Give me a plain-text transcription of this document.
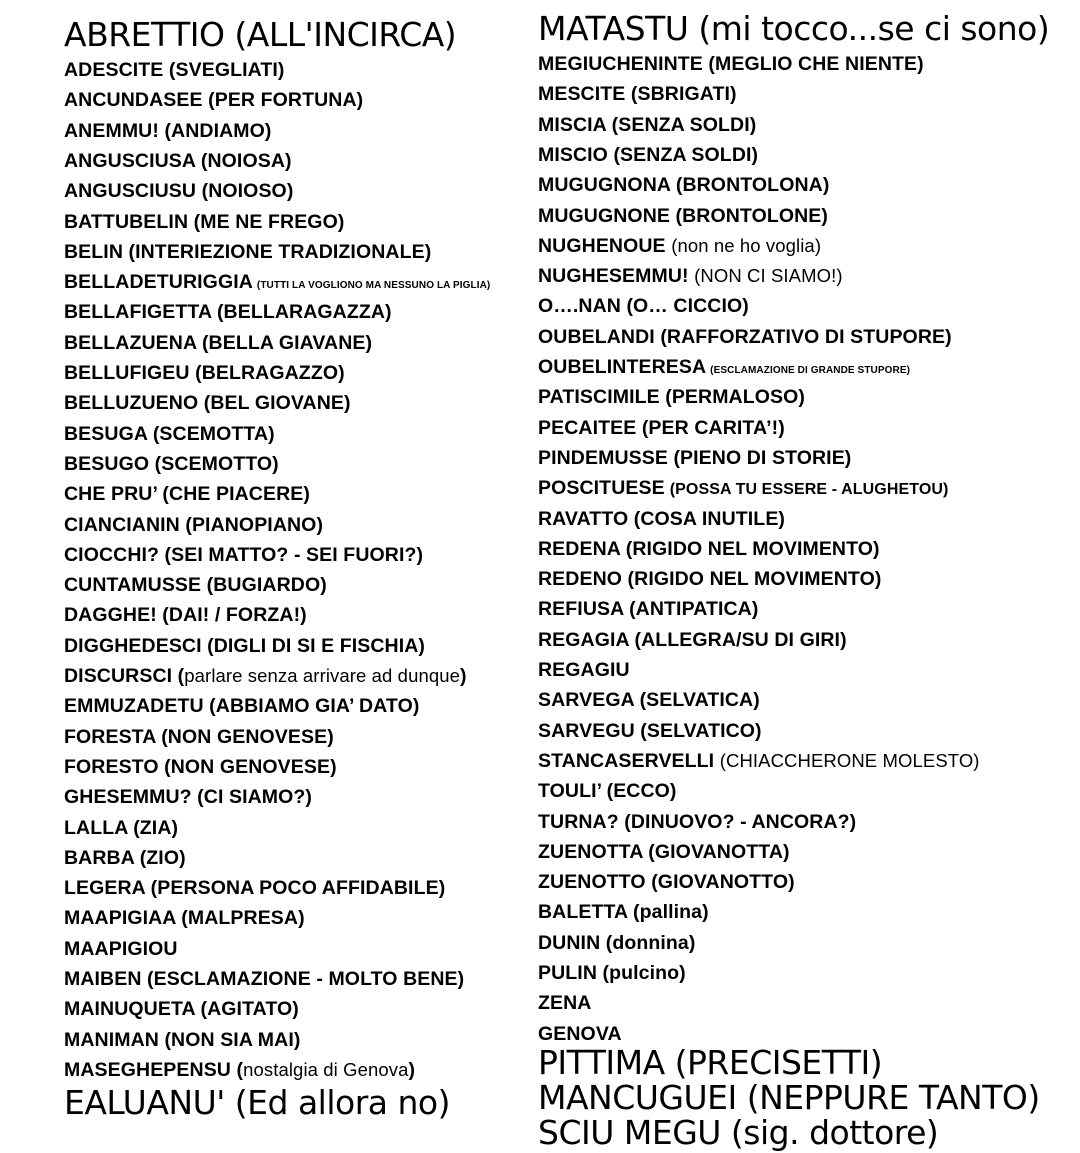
ABRETTIO (ALL'INCIRCA)
ADESCITE (SVEGLIATI)
ANCUNDASEE (PER FORTUNA)
ANEMMU! (ANDIAMO)
ANGUSCIUSA (NOIOSA)
ANGUSCIUSU (NOIOSO)
BATTUBELIN (ME NE FREGO)
BELIN (INTERIEZIONE TRADIZIONALE)
BELLADETURIGGIA (TUTTI LA VOGLIONO MA NESSUNO LA PIGLIA)
BELLAFIGETTA (BELLARAGAZZA)
BELLAZUENA (BELLA GIAVANE)
BELLUFIGEU (BELRAGAZZO)
BELLUZUENO (BEL GIOVANE)
BESUGA (SCEMOTTA)
BESUGO (SCEMOTTO)
CHE PRU’ (CHE PIACERE)
CIANCIANIN (PIANOPIANO)
CIOCCHI? (SEI MATTO? - SEI FUORI?)
CUNTAMUSSE (BUGIARDO)
DAGGHE! (DAI! / FORZA!)
DIGGHEDESCI (DIGLI DI SI E FISCHIA)
DISCURSCI (parlare senza arrivare ad dunque)
EMMUZADETU (ABBIAMO GIA’ DATO)
FORESTA (NON GENOVESE)
FORESTO (NON GENOVESE)
GHESEMMU? (CI SIAMO?)
LALLA (ZIA)
BARBA (ZIO)
LEGERA (PERSONA POCO AFFIDABILE)
MAAPIGIAA (MALPRESA)
MAAPIGIOU
MAIBEN (ESCLAMAZIONE - MOLTO BENE)
MAINUQUETA (AGITATO)
MANIMAN (NON SIA MAI)
MASEGHEPENSU (nostalgia di Genova)
EALUANU' (Ed allora no)
MATASTU (mi tocco...se ci sono)
MEGIUCHENINTE (MEGLIO CHE NIENTE)
MESCITE (SBRIGATI)
MISCIA (SENZA SOLDI)
MISCIO (SENZA SOLDI)
MUGUGNONA (BRONTOLONA)
MUGUGNONE (BRONTOLONE)
NUGHENOUE (non ne ho voglia)
NUGHESEMMU! (NON CI SIAMO!)
O….NAN (O… CICCIO)
OUBELANDI (RAFFORZATIVO DI STUPORE)
OUBELINTERESA (ESCLAMAZIONE DI GRANDE STUPORE)
PATISCIMILE (PERMALOSO)
PECAITEE (PER CARITA’!)
PINDEMUSSE (PIENO DI STORIE)
POSCITUESE (POSSA TU ESSERE - ALUGHETOU)
RAVATTO (COSA INUTILE)
REDENA (RIGIDO NEL MOVIMENTO)
REDENO (RIGIDO NEL MOVIMENTO)
REFIUSA (ANTIPATICA)
REGAGIA (ALLEGRA/SU DI GIRI)
REGAGIU
SARVEGA (SELVATICA)
SARVEGU (SELVATICO)
STANCASERVELLI (CHIACCHERONE MOLESTO)
TOULI’ (ECCO)
TURNA? (DINUOVO? - ANCORA?)
ZUENOTTA (GIOVANOTTA)
ZUENOTTO (GIOVANOTTO)
BALETTA (pallina)
DUNIN (donnina)
PULIN (pulcino)
ZENA
GENOVA
PITTIMA (PRECISETTI)
MANCUGUEI (NEPPURE TANTO)
SCIU MEGU (sig. dottore)
